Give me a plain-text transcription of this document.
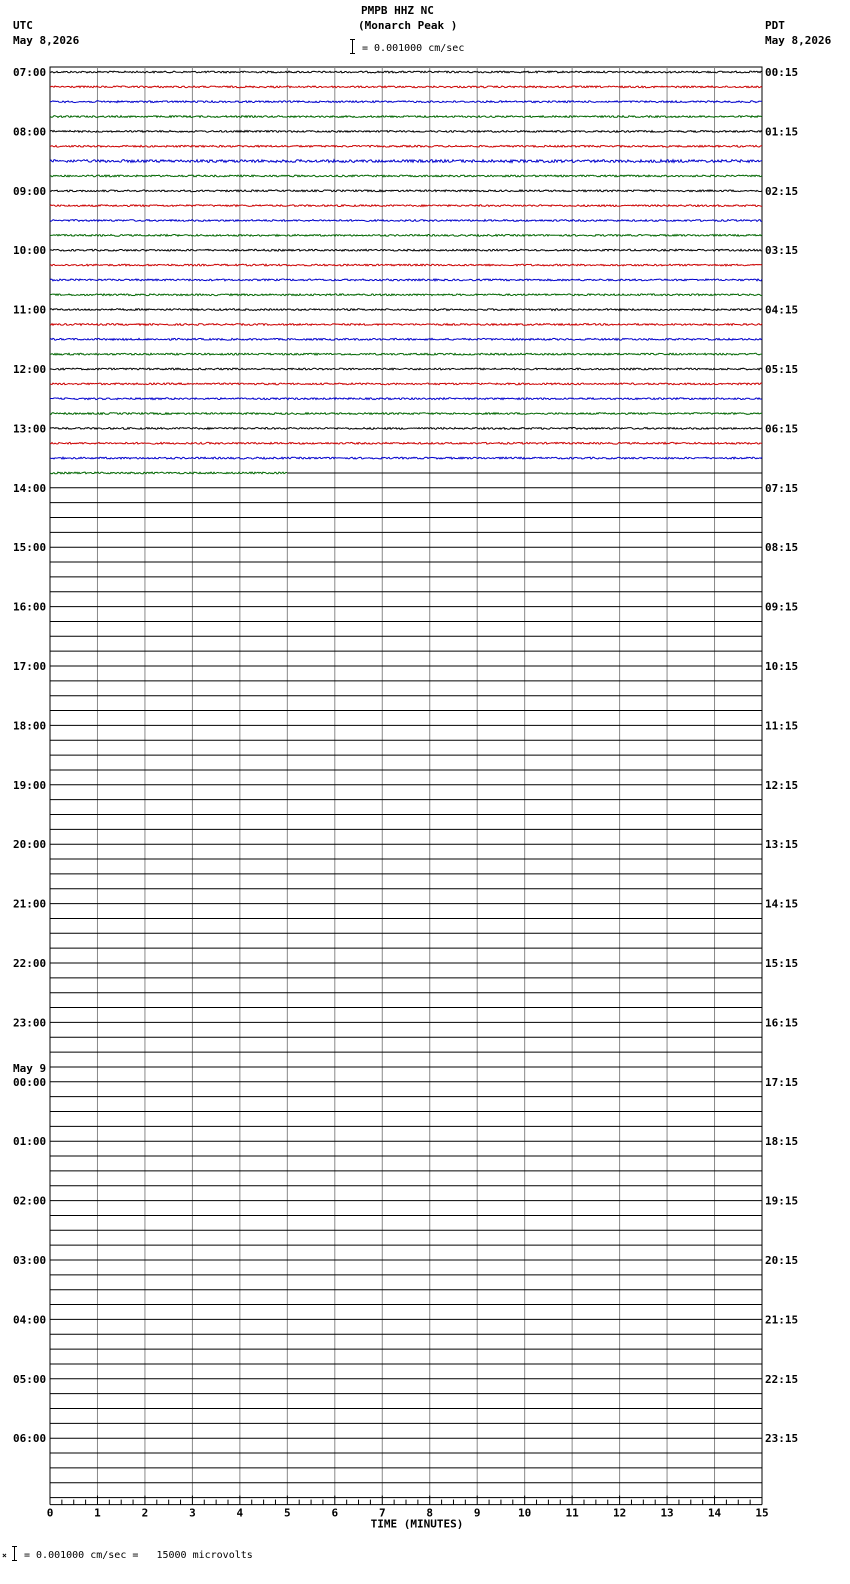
PMPB HHZ NC
(Monarch Peak )
= 0.001000 cm/sec
UTC
May 8,2026
PDT
May 8,2026
07:00	00:15
08:00	01:15
09:00	02:15
10:00	03:15
11:00	04:15
12:00	05:15
13:00	06:15
14:00	07:15
15:00	08:15
16:00	09:15
17:00	10:15
18:00	11:15
19:00	12:15
20:00	13:15
21:00	14:15
22:00	15:15
23:00	16:15
00:00	17:15
May 9
01:00	18:15
02:00	19:15
03:00	20:15
04:00	21:15
05:00	22:15
06:00	23:15
0	1	2	3	4	5	6	7	8	9	10	11	12	13	14	15
TIME (MINUTES)
× = 0.001000 cm/sec =   15000 microvolts
